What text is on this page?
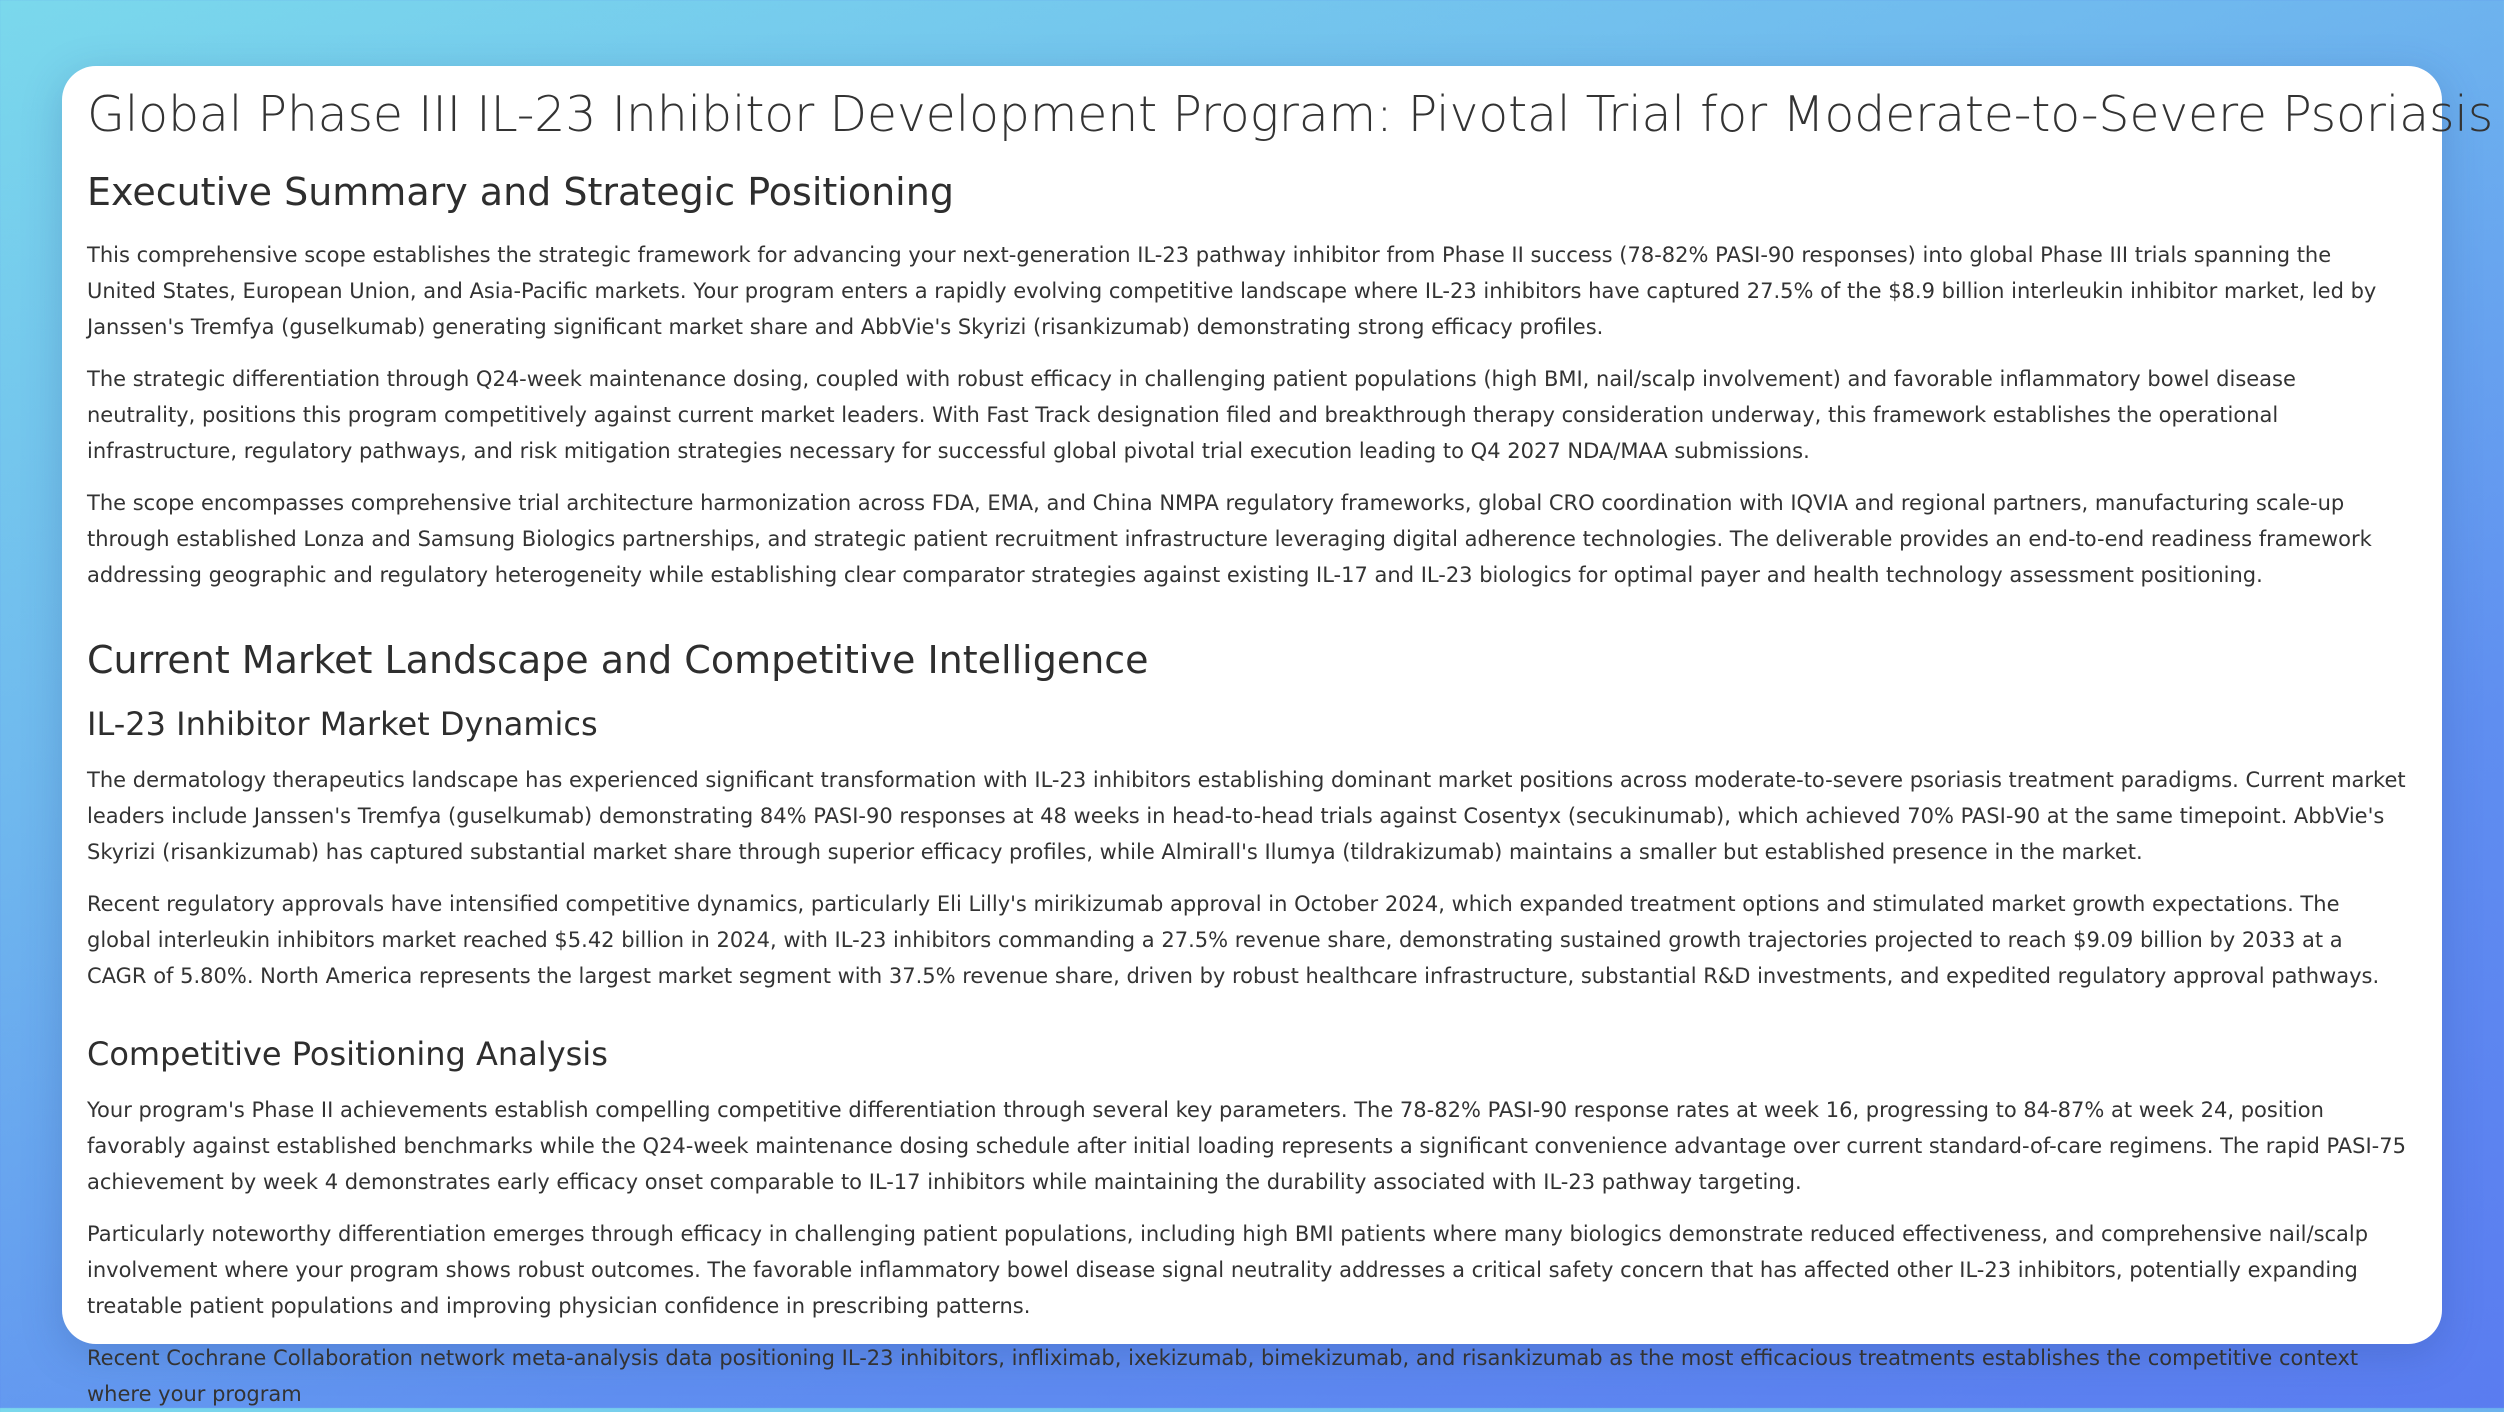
Global Phase III IL-23 Inhibitor Development Program: Pivotal Trial for Moderate-to-Severe Psoriasis
Executive Summary and Strategic Positioning

This comprehensive scope establishes the strategic framework for advancing your next-generation IL-23 pathway inhibitor from Phase II success (78-82% PASI-90 responses) into global Phase III trials spanning the United States, European Union, and Asia-Pacific markets. Your program enters a rapidly evolving competitive landscape where IL-23 inhibitors have captured 27.5% of the $8.9 billion interleukin inhibitor market, led by Janssen's Tremfya (guselkumab) generating significant market share and AbbVie's Skyrizi (risankizumab) demonstrating strong efficacy profiles.

The strategic differentiation through Q24-week maintenance dosing, coupled with robust efficacy in challenging patient populations (high BMI, nail/scalp involvement) and favorable inflammatory bowel disease neutrality, positions this program competitively against current market leaders. With Fast Track designation filed and breakthrough therapy consideration underway, this framework establishes the operational infrastructure, regulatory pathways, and risk mitigation strategies necessary for successful global pivotal trial execution leading to Q4 2027 NDA/MAA submissions.

The scope encompasses comprehensive trial architecture harmonization across FDA, EMA, and China NMPA regulatory frameworks, global CRO coordination with IQVIA and regional partners, manufacturing scale-up through established Lonza and Samsung Biologics partnerships, and strategic patient recruitment infrastructure leveraging digital adherence technologies. The deliverable provides an end-to-end readiness framework addressing geographic and regulatory heterogeneity while establishing clear comparator strategies against existing IL-17 and IL-23 biologics for optimal payer and health technology assessment positioning.

Current Market Landscape and Competitive Intelligence
IL-23 Inhibitor Market Dynamics

The dermatology therapeutics landscape has experienced significant transformation with IL-23 inhibitors establishing dominant market positions across moderate-to-severe psoriasis treatment paradigms. Current market leaders include Janssen's Tremfya (guselkumab) demonstrating 84% PASI-90 responses at 48 weeks in head-to-head trials against Cosentyx (secukinumab), which achieved 70% PASI-90 at the same timepoint. AbbVie's Skyrizi (risankizumab) has captured substantial market share through superior efficacy profiles, while Almirall's Ilumya (tildrakizumab) maintains a smaller but established presence in the market.

Recent regulatory approvals have intensified competitive dynamics, particularly Eli Lilly's mirikizumab approval in October 2024, which expanded treatment options and stimulated market growth expectations. The global interleukin inhibitors market reached $5.42 billion in 2024, with IL-23 inhibitors commanding a 27.5% revenue share, demonstrating sustained growth trajectories projected to reach $9.09 billion by 2033 at a CAGR of 5.80%. North America represents the largest market segment with 37.5% revenue share, driven by robust healthcare infrastructure, substantial R&D investments, and expedited regulatory approval pathways.

Competitive Positioning Analysis

Your program's Phase II achievements establish compelling competitive differentiation through several key parameters. The 78-82% PASI-90 response rates at week 16, progressing to 84-87% at week 24, position favorably against established benchmarks while the Q24-week maintenance dosing schedule after initial loading represents a significant convenience advantage over current standard-of-care regimens. The rapid PASI-75 achievement by week 4 demonstrates early efficacy onset comparable to IL-17 inhibitors while maintaining the durability associated with IL-23 pathway targeting.

Particularly noteworthy differentiation emerges through efficacy in challenging patient populations, including high BMI patients where many biologics demonstrate reduced effectiveness, and comprehensive nail/scalp involvement where your program shows robust outcomes. The favorable inflammatory bowel disease signal neutrality addresses a critical safety concern that has affected other IL-23 inhibitors, potentially expanding treatable patient populations and improving physician confidence in prescribing patterns.

Recent Cochrane Collaboration network meta-analysis data positioning IL-23 inhibitors, infliximab, ixekizumab, bimekizumab, and risankizumab as the most efficacious treatments establishes the competitive context where your program
